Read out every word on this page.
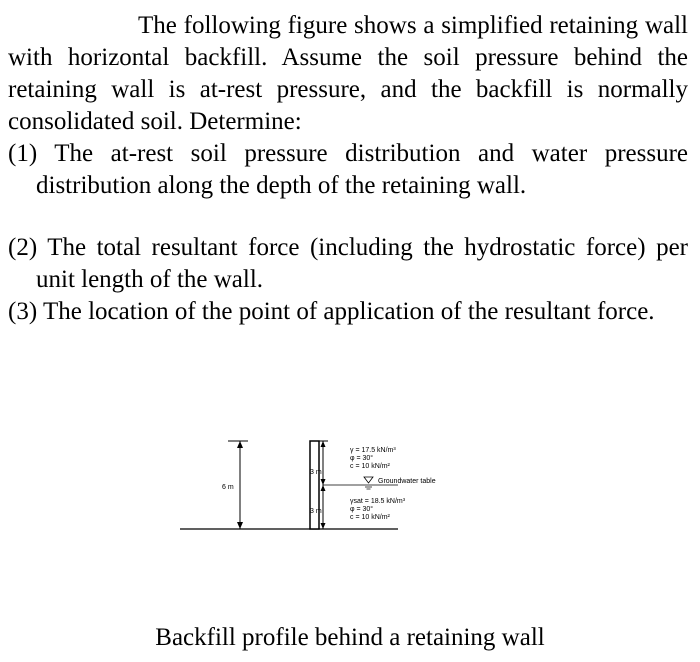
The following figure shows a simplified retaining wall with horizontal backfill. Assume the soil pressure behind the retaining wall is at-rest pressure, and the backfill is normally consolidated soil. Determine:

(1) The at-rest soil pressure distribution and water pressure distribution along the depth of the retaining wall.

(2) The total resultant force (including the hydrostatic force) per unit length of the wall.

(3) The location of the point of application of the resultant force.

6 m
3 m
3 m
γ = 17.5 kN/m³
φ = 30°
c = 10 kN/m²
Groundwater table
γsat = 18.5 kN/m³
φ = 30°
c = 10 kN/m²
Backfill profile behind a retaining wall
